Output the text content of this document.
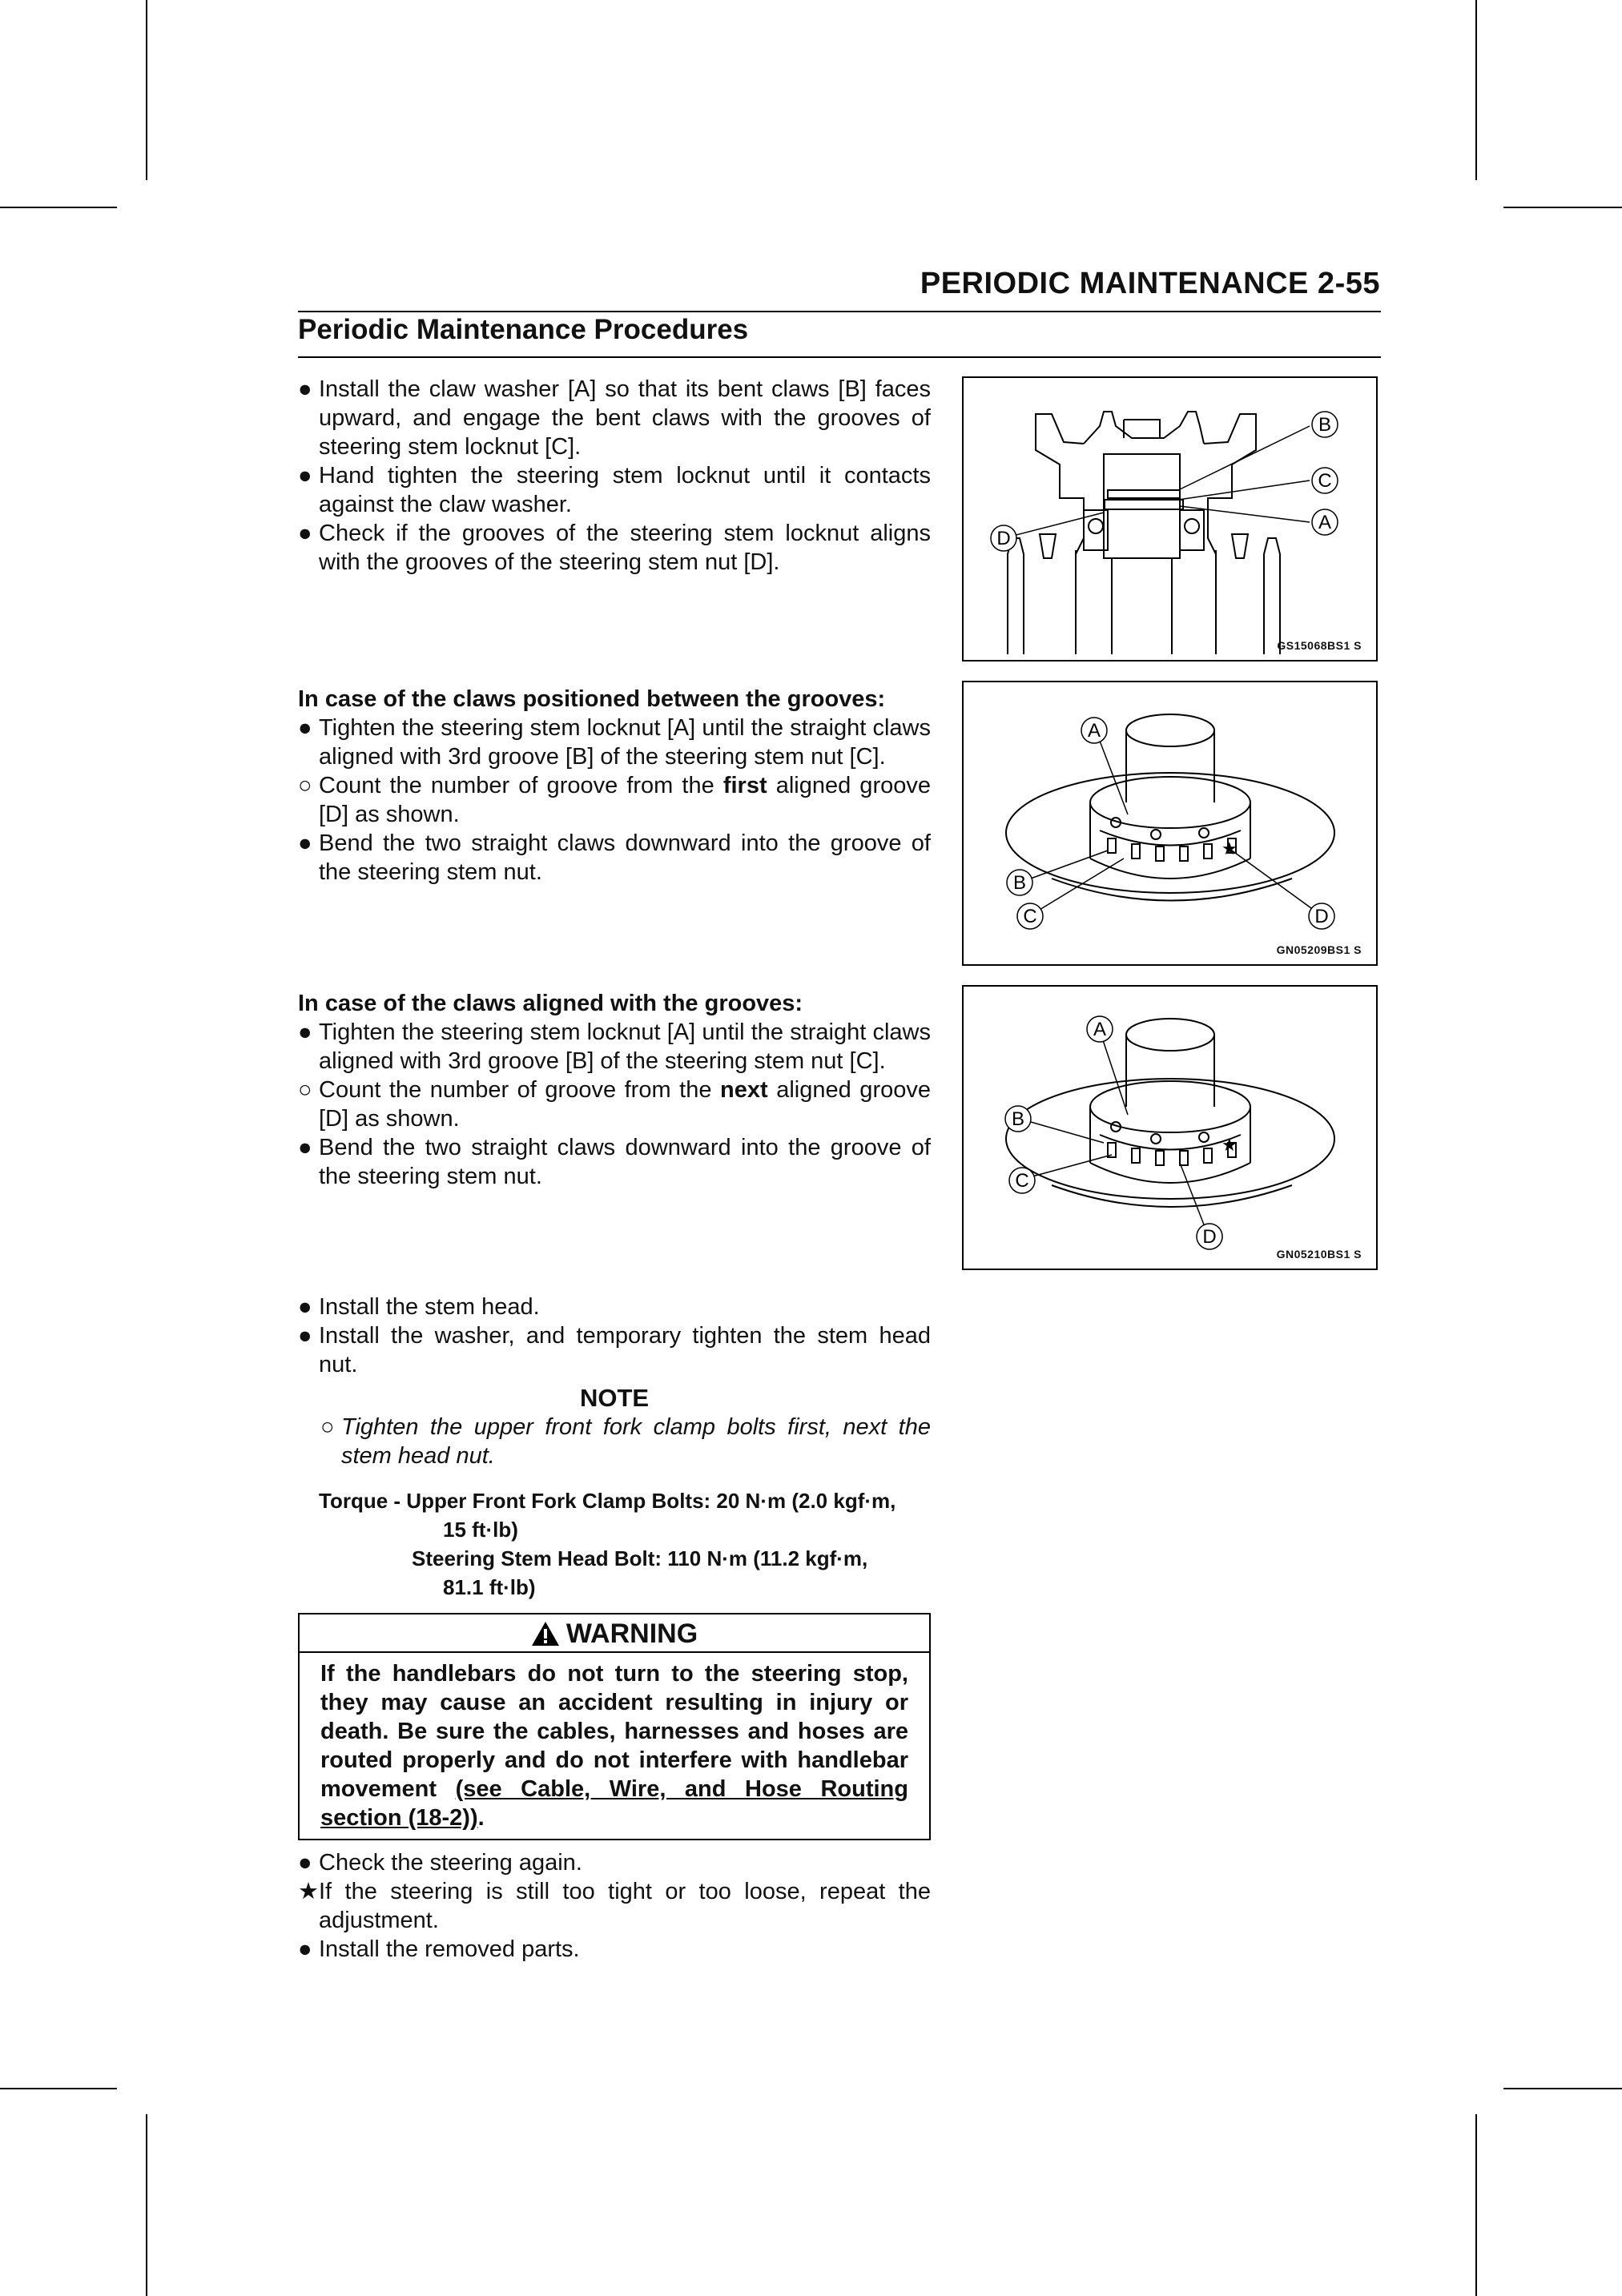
PERIODIC MAINTENANCE 2-55
Periodic Maintenance Procedures
● Install the claw washer [A] so that its bent claws [B] faces upward, and engage the bent claws with the grooves of steering stem locknut [C].
● Hand tighten the steering stem locknut until it contacts against the claw washer.
● Check if the grooves of the steering stem locknut aligns with the grooves of the steering stem nut [D].
In case of the claws positioned between the grooves:
● Tighten the steering stem locknut [A] until the straight claws aligned with 3rd groove [B] of the steering stem nut [C].
○ Count the number of groove from the first aligned groove [D] as shown.
● Bend the two straight claws downward into the groove of the steering stem nut.
In case of the claws aligned with the grooves:
● Tighten the steering stem locknut [A] until the straight claws aligned with 3rd groove [B] of the steering stem nut [C].
○ Count the number of groove from the next aligned groove [D] as shown.
● Bend the two straight claws downward into the groove of the steering stem nut.
● Install the stem head.
● Install the washer, and temporary tighten the stem head nut.
NOTE
○ Tighten the upper front fork clamp bolts first, next the stem head nut.
Torque - Upper Front Fork Clamp Bolts: 20 N·m (2.0 kgf·m,
15 ft·lb)
Steering Stem Head Bolt: 110 N·m (11.2 kgf·m,
81.1 ft·lb)
WARNING
If the handlebars do not turn to the steering stop, they may cause an accident resulting in injury or death. Be sure the cables, harnesses and hoses are routed properly and do not interfere with handlebar movement (see Cable, Wire, and Hose Routing section (18-2)).
● Check the steering again.
★ If the steering is still too tight or too loose, repeat the adjustment.
● Install the removed parts.
B
C
A
D
GS15068BS1 S
★
A
B
C	D
GN05209BS1 S
★
A
B
C
D
GN05210BS1 S
